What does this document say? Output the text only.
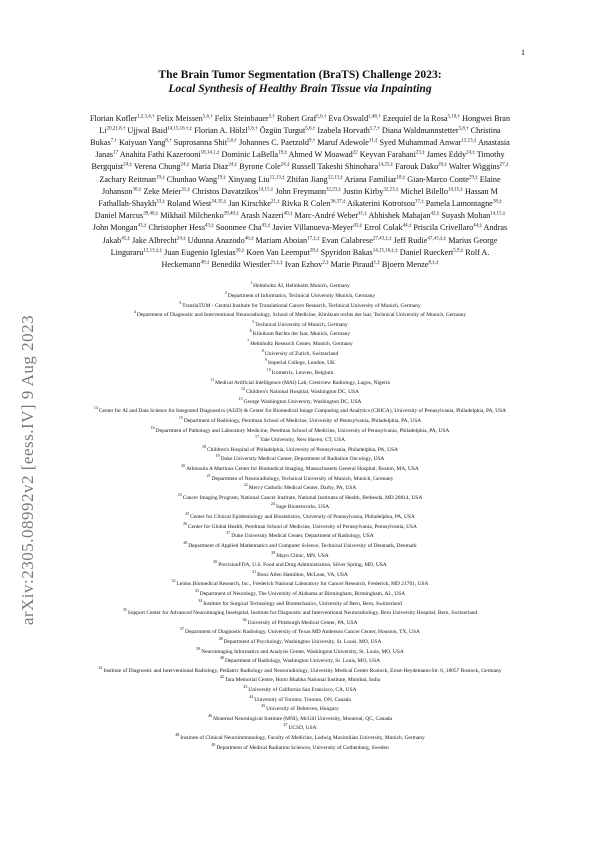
1
arXiv:2305.08992v2 [eess.IV] 9 Aug 2023
The Brain Tumor Segmentation (BraTS) Challenge 2023:
Local Synthesis of Healthy Brain Tissue via Inpainting

Florian Kofler$^{1,2,3,4,\dagger}$ Felix Meissen$^{5,6,\dagger}$ Felix Steinbauer$^{5,\dagger}$ Robert Graf$^{5,6,\dagger}$ Eva Oswald$^{1,48,\dagger}$ Ezequiel de la Rosa$^{5,10,\dagger}$ Hongwei Bran $Li^{20,21,8,\dagger}$ Ujjwal Baid$^{14,15,16,\dagger,\ddagger}$ Florian A. Hölzl$^{5,6,\dagger}$ Özgün Turgut$^{5,6,\dagger}$ Izabela Horvath$^{5,7,\dagger}$ Diana Waldmannstetter$^{5,8,\dagger}$ Christina Bukas$^{7,\dagger}$ Kaiyuan Yang$^{8,\dagger}$ Suprosanna Shit$^{5,6,\dagger}$ Johannes C. Paetzold$^{9,\dagger}$ Maruf Adewole$^{11,\ddagger}$ Syed Muhammad Anwar$^{12,13,\ddagger}$ Anastasia Janas$^{17}$ Anahita Fathi Kazerooni$^{18,14,1,\ddagger}$ Dominic LaBella$^{19,\ddagger}$ Ahmed W Moawad$^{22}$ Keyvan Farahani$^{23,\ddagger}$ James Eddy$^{24,\ddagger}$ Timothy Bergquist$^{24,\ddagger}$ Verena Chung$^{24,\ddagger}$ Maria Diaz$^{24,\ddagger}$ Byrone Cole$^{24,\ddagger}$ Russell Takeshi Shinohara$^{14,25,\ddagger}$ Farouk Dako$^{26,\ddagger}$ Walter Wiggins$^{27,\ddagger}$ Zachary Reitman$^{19,\ddagger}$ Chunhao Wang$^{19,\ddagger}$ Xinyang Liu$^{12,13,\ddagger}$ Zhifan Jiang$^{12,13,\ddagger}$ Ariana Familiar$^{18,\ddagger}$ Gian-Marco Conte$^{29,\ddagger}$ Elaine Johanson$^{30,\ddagger}$ Zeke Meier$^{31,\ddagger}$ Christos Davatzikos$^{14,15,\ddagger}$ John Freymann$^{32,23,\ddagger}$ Justin Kirby$^{32,23,\ddagger}$ Michel Bilello$^{14,15,\ddagger}$ Hassan M Fathallah-Shaykh$^{33,\ddagger}$ Roland Wiest$^{34,35,\ddagger}$ Jan Kirschke$^{21,\ddagger}$ Rivka R Colen$^{36,37,\ddagger}$ Aikaterini Kotrotsou$^{37,\ddagger}$ Pamela Lamontagne$^{38,\ddagger}$ Daniel Marcus$^{39,40,\ddagger}$ Mikhail Milchenko$^{39,40,\ddagger}$ Arash Nazeri$^{40,\ddagger}$ Marc-André Weber$^{41,\ddagger}$ Abhishek Mahajan$^{42,\ddagger}$ Suyash Mohan$^{14,15,\ddagger}$ John Mongan$^{43,\ddagger}$ Christopher Hess$^{43,\ddagger}$ Soonmee Cha$^{43,\ddagger}$ Javier Villanueva-Meyer$^{43,\ddagger}$ Errol Colak$^{44,\ddagger}$ Priscila Crivellaro$^{44,\ddagger}$ Andras Jakab$^{45,\ddagger}$ Jake Albrecht$^{24,\ddagger}$ Udunna Anazodo$^{46,\ddagger}$ Mariam Aboian$^{17,\ddagger,\ddagger}$ Evan Calabrese$^{27,43,\ddagger,\ddagger}$ Jeff Rudie$^{47,43,\ddagger,\ddagger}$ Marius George Linguraru$^{12,13,\ddagger,\ddagger}$ Juan Eugenio Iglesias$^{20,\ddagger}$ Koen Van Leemput$^{28,\ddagger}$ Spyridon Bakas$^{14,15,16,\ddagger,\ddagger}$ Daniel Rueckert$^{5,9,\ddagger}$ Rolf A. Heckemann$^{49,\ddagger}$ Benedikt Wiestler$^{21,\ddagger,\ddagger}$ Ivan Ezhov$^{2,\ddagger}$ Marie Piraud$^{1,\ddagger}$ Bjoern Menze$^{8,\ddagger,\ddagger}$

$^1$Helmholtz AI, Helmholtz Munich, Germany
$^2$Department of Informatics, Technical University Munich, Germany
$^3$TranslaTUM - Central Institute for Translational Cancer Research, Technical University of Munich, Germany
$^4$Department of Diagnostic and Interventional Neuroradiology, School of Medicine, Klinikum rechts der Isar, Technical University of Munich, Germany
$^5$Technical University of Munich, Germany
$^6$Klinikum Rechts der Isar, Munich, Germany
$^7$Helmholtz Research Center, Munich, Germany
$^8$University of Zurich, Switzerland
$^9$Imperial College, London, UK
$^{10}$Icometrix, Leuven, Belgium
$^{11}$Medical Artificial Intelligence (MAI) Lab, Crestview Radiology, Lagos, Nigeria
$^{12}$Children's National Hospital, Washington DC, USA
$^{13}$George Washington University, Washington DC, USA
$^{14}$Center for AI and Data Science for Integrated Diagnostics (AI2D) & Center for Biomedical Image Computing and Analytics (CBICA), University of Pennsylvania, Philadelphia, PA, USA
$^{15}$Department of Radiology, Perelman School of Medicine, University of Pennsylvania, Philadelphia, PA, USA
$^{16}$Department of Pathology and Laboratory Medicine, Perelman School of Medicine, University of Pennsylvania, Philadelphia, PA, USA
$^{17}$Yale University, New Haven, CT, USA
$^{18}$Children's Hospital of Philadelphia, University of Pennsylvania, Philadelphia, PA, USA
$^{19}$Duke University Medical Center, Department of Radiation Oncology, USA
$^{20}$Athinoula A Martinos Center for Biomedical Imaging, Massachusetts General Hospital, Boston, MA, USA
$^{21}$Department of Neuroradiology, Technical University of Munich, Munich, Germany
$^{22}$Mercy Catholic Medical Center, Darby, PA, USA
$^{23}$Cancer Imaging Program, National Cancer Institute, National Institutes of Health, Bethesda, MD 20814, USA
$^{24}$Sage Bionetworks, USA
$^{25}$Center for Clinical Epidemiology and Biostatistics, University of Pennsylvania, Philadelphia, PA, USA
$^{26}$Center for Global Health, Perelman School of Medicine, University of Pennsylvania, Pennsylvania, USA
$^{27}$Duke University Medical Center, Department of Radiology, USA
$^{28}$Department of Applied Mathematics and Computer Science, Technical University of Denmark, Denmark
$^{29}$Mayo Clinic, MN, USA
$^{30}$PrecisionFDA, U.S. Food and Drug Administration, Silver Spring, MD, USA
$^{31}$Booz Allen Hamilton, McLean, VA, USA
$^{32}$Leidos Biomedical Research, Inc., Frederick National Laboratory for Cancer Research, Frederick, MD 21701, USA
$^{33}$Department of Neurology, The University of Alabama at Birmingham, Birmingham, AL, USA
$^{34}$Institute for Surgical Technology and Biomechanics, University of Bern, Bern, Switzerland
$^{35}$Support Center for Advanced Neuroimaging Inselspital, Institute for Diagnostic and Interventional Neuroradiology, Bern University Hospital, Bern, Switzerland
$^{36}$University of Pittsburgh Medical Center, PA, USA
$^{37}$Department of Diagnostic Radiology, University of Texas MD Anderson Cancer Center, Houston, TX, USA
$^{38}$Department of Psychology, Washington University, St. Louis, MO, USA
$^{39}$Neuroimaging Informatics and Analysis Center, Washington University, St. Louis, MO, USA
$^{40}$Department of Radiology, Washington University, St. Louis, MO, USA
$^{41}$Institute of Diagnostic and Interventional Radiology, Pediatric Radiology and Neuroradiology, University Medical Center Rostock, Ernst-Heydemann-Str. 6, 18057 Rostock, Germany
$^{42}$Tata Memorial Centre, Homi Bhabha National Institute, Mumbai, India
$^{43}$University of California San Francisco, CA, USA
$^{44}$University of Toronto, Toronto, ON, Canada
$^{45}$University of Debrecen, Hungary
$^{46}$Montreal Neurological Institute (MNI), McGill University, Montreal, QC, Canada
$^{47}$UCSD, USA
$^{48}$Institute of Clinical Neuroimmunology, Faculty of Medicine, Ludwig Maximilian University, Munich, Germany
$^{49}$Department of Medical Radiation Sciences, University of Gothenburg, Sweden
